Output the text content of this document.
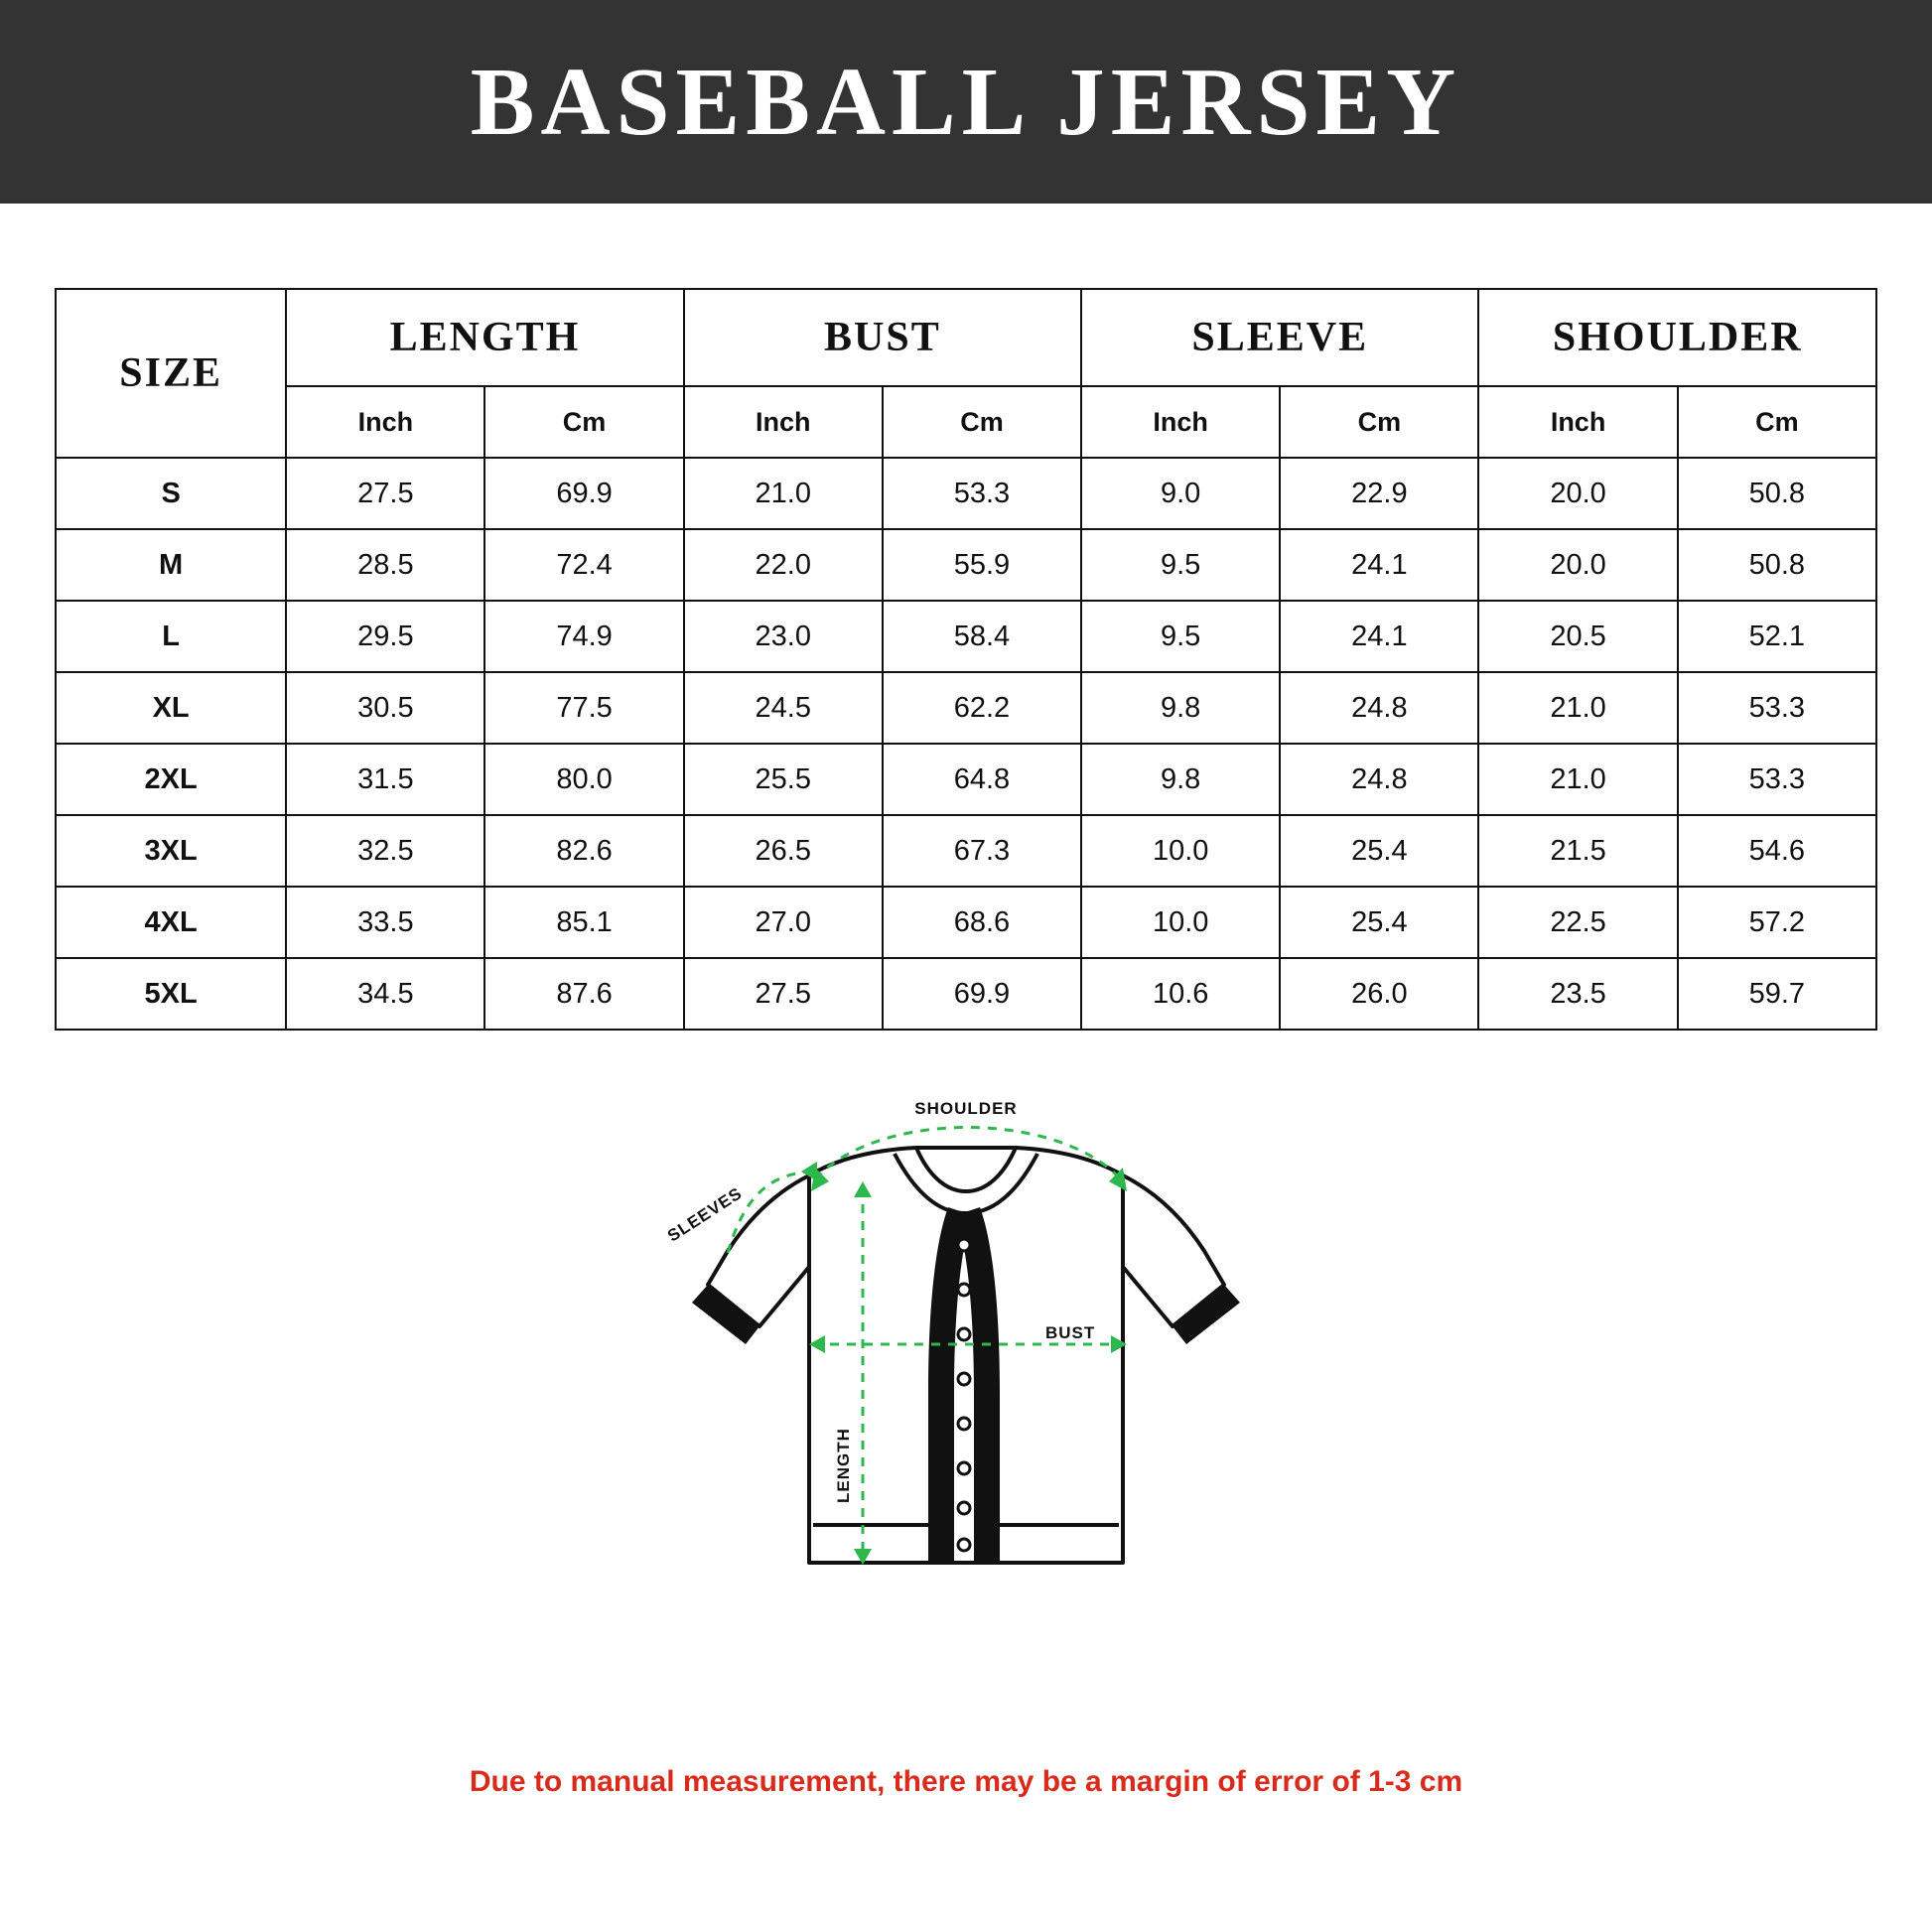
BASEBALL JERSEY
SIZE	LENGTH		BUST		SLEEVE		SHOULDER	
	Inch	Cm	Inch	Cm	Inch	Cm	Inch	Cm
S	27.5	69.9	21.0	53.3	9.0	22.9	20.0	50.8
M	28.5	72.4	22.0	55.9	9.5	24.1	20.0	50.8
L	29.5	74.9	23.0	58.4	9.5	24.1	20.5	52.1
XL	30.5	77.5	24.5	62.2	9.8	24.8	21.0	53.3
2XL	31.5	80.0	25.5	64.8	9.8	24.8	21.0	53.3
3XL	32.5	82.6	26.5	67.3	10.0	25.4	21.5	54.6
4XL	33.5	85.1	27.0	68.6	10.0	25.4	22.5	57.2
5XL	34.5	87.6	27.5	69.9	10.6	26.0	23.5	59.7
SHOULDER
SLEEVES
BUST
LENGTH
Due to manual measurement, there may be a margin of error of 1-3 cm
